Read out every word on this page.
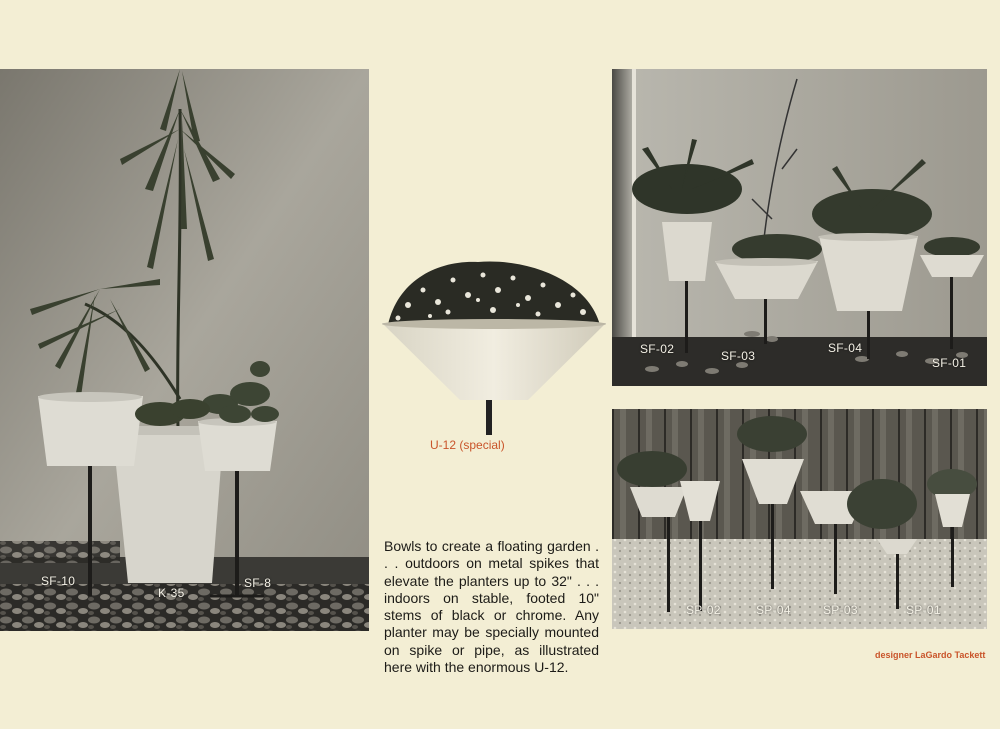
SF-10
K-35
SF-8
U-12 (special)
SF-02	SF-03
SF-04
SF-01
SP-02	SP-04	SP-03	SP-01

Bowls to create a floating garden . . . outdoors on metal spikes that elevate the planters up to 32" . . . indoors on stable, footed 10" stems of black or chrome. Any planter may be specially mounted on spike or pipe, as illustrated here with the enormous U-12.

designer LaGardo Tackett
